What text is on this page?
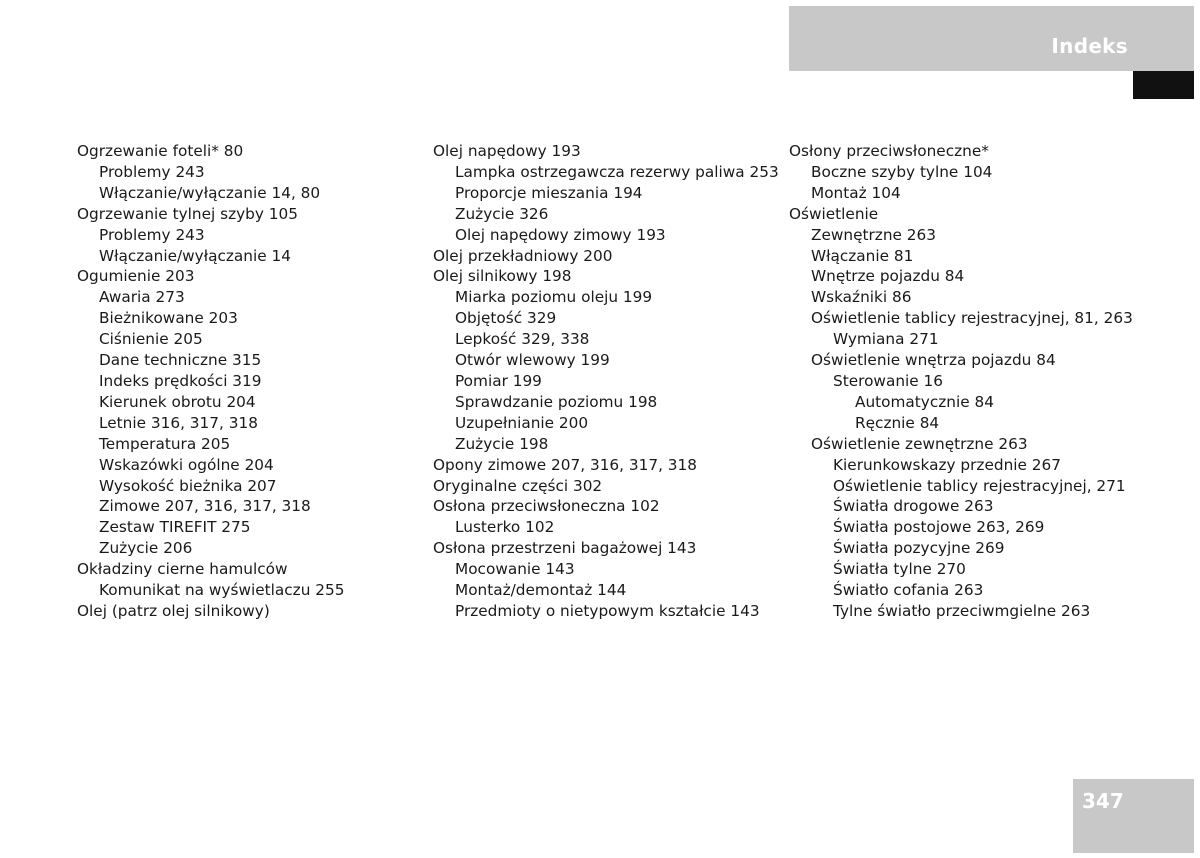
Indeks
Ogrzewanie foteli* 80
Problemy 243
Włączanie/wyłączanie 14, 80
Ogrzewanie tylnej szyby 105
Problemy 243
Włączanie/wyłączanie 14
Ogumienie 203
Awaria 273
Bieżnikowane 203
Ciśnienie 205
Dane techniczne 315
Indeks prędkości 319
Kierunek obrotu 204
Letnie 316, 317, 318
Temperatura 205
Wskazówki ogólne 204
Wysokość bieżnika 207
Zimowe 207, 316, 317, 318
Zestaw TIREFIT 275
Zużycie 206
Okładziny cierne hamulców
Komunikat na wyświetlaczu 255
Olej (patrz olej silnikowy)
Olej napędowy 193
Lampka ostrzegawcza rezerwy paliwa 253
Proporcje mieszania 194
Zużycie 326
Olej napędowy zimowy 193
Olej przekładniowy 200
Olej silnikowy 198
Miarka poziomu oleju 199
Objętość 329
Lepkość 329, 338
Otwór wlewowy 199
Pomiar 199
Sprawdzanie poziomu 198
Uzupełnianie 200
Zużycie 198
Opony zimowe 207, 316, 317, 318
Oryginalne części 302
Osłona przeciwsłoneczna 102
Lusterko 102
Osłona przestrzeni bagażowej 143
Mocowanie 143
Montaż/demontaż 144
Przedmioty o nietypowym kształcie 143
Osłony przeciwsłoneczne*
Boczne szyby tylne 104
Montaż 104
Oświetlenie
Zewnętrzne 263
Włączanie 81
Wnętrze pojazdu 84
Wskaźniki 86
Oświetlenie tablicy rejestracyjnej, 81, 263
Wymiana 271
Oświetlenie wnętrza pojazdu 84
Sterowanie 16
Automatycznie 84
Ręcznie 84
Oświetlenie zewnętrzne 263
Kierunkowskazy przednie 267
Oświetlenie tablicy rejestracyjnej, 271
Światła drogowe 263
Światła postojowe 263, 269
Światła pozycyjne 269
Światła tylne 270
Światło cofania 263
Tylne światło przeciwmgielne 263
347
